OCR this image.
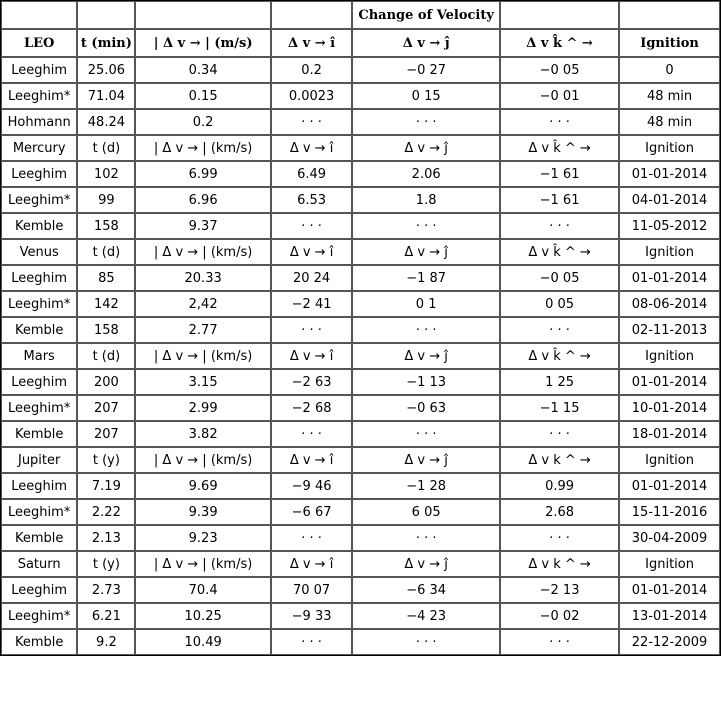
				Change of Velocity		
LEO	t (min)	| Δ v → | (m/s)	Δ v → î	Δ v → ĵ	Δ v k̂ ^ →	Ignition
Leeghim	25.06	0.34	0.2	−0 27	−0 05	0
Leeghim*	71.04	0.15	0.0023	0 15	−0 01	48 min
Hohmann	48.24	0.2	· · ·	· · ·	· · ·	48 min
Mercury	t (d)	| Δ v → | (km/s)	Δ v → î	Δ v → ĵ	Δ v k̂ ^ →	Ignition
Leeghim	102	6.99	6.49	2.06	−1 61	01-01-2014
Leeghim*	99	6.96	6.53	1.8	−1 61	04-01-2014
Kemble	158	9.37	· · ·	· · ·	· · ·	11-05-2012
Venus	t (d)	| Δ v → | (km/s)	Δ v → î	Δ v → ĵ	Δ v k̂ ^ →	Ignition
Leeghim	85	20.33	20 24	−1 87	−0 05	01-01-2014
Leeghim*	142	2,42	−2 41	0 1	0 05	08-06-2014
Kemble	158	2.77	· · ·	· · ·	· · ·	02-11-2013
Mars	t (d)	| Δ v → | (km/s)	Δ v → î	Δ v → ĵ	Δ v k̂ ^ →	Ignition
Leeghim	200	3.15	−2 63	−1 13	1 25	01-01-2014
Leeghim*	207	2.99	−2 68	−0 63	−1 15	10-01-2014
Kemble	207	3.82	· · ·	· · ·	· · ·	18-01-2014
Jupiter	t (y)	| Δ v → | (km/s)	Δ v → î	Δ v → ĵ	Δ v k ^ →	Ignition
Leeghim	7.19	9.69	−9 46	−1 28	0.99	01-01-2014
Leeghim*	2.22	9.39	−6 67	6 05	2.68	15-11-2016
Kemble	2.13	9.23	· · ·	· · ·	· · ·	30-04-2009
Saturn	t (y)	| Δ v → | (km/s)	Δ v → î	Δ v → ĵ	Δ v k ^ →	Ignition
Leeghim	2.73	70.4	70 07	−6 34	−2 13	01-01-2014
Leeghim*	6.21	10.25	−9 33	−4 23	−0 02	13-01-2014
Kemble	9.2	10.49	· · ·	· · ·	· · ·	22-12-2009
